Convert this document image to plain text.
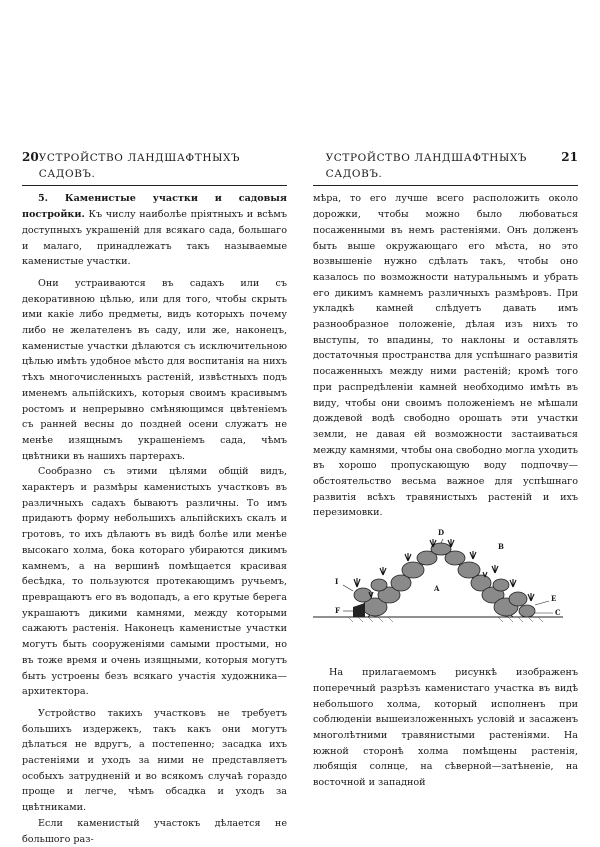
20 УСТРОЙСТВО ЛАНДШАФТНЫХЪ САДОВЪ.

5. Каменистые участки и садовыя постройки. Къ числу наиболѣе пріятныхъ и всѣмъ доступныхъ украшеній для всякаго сада, большаго и малаго, принадлежатъ такъ называемые каменистые участки.

Они устраиваются въ садахъ или съ декоративною цѣлью, или для того, чтобы скрыть ими какіе либо предметы, видъ которыхъ почему либо не желателенъ въ саду, или же, наконецъ, каменистые участки дѣлаются съ исключительною цѣлью имѣть удобное мѣсто для воспитанія на нихъ тѣхъ многочисленныхъ растеній, извѣстныхъ подъ именемъ альпійскихъ, которыя своимъ красивымъ ростомъ и непрерывно смѣняющимся цвѣтеніемъ съ ранней весны до поздней осени служатъ не менѣе изящнымъ украшеніемъ сада, чѣмъ цвѣтники въ нашихъ партерахъ.

Сообразно съ этими цѣлями общій видъ, характеръ и размѣры каменистыхъ участковъ въ различныхъ садахъ бываютъ различны. То имъ придаютъ форму небольшихъ альпійскихъ скалъ и гротовъ, то ихъ дѣлаютъ въ видѣ болѣе или менѣе высокаго холма, бока котораго убираются дикимъ камнемъ, а на вершинѣ помѣщается красивая бесѣдка, то пользуются протекающимъ ручьемъ, превращаютъ его въ водопадъ, а его крутые берега украшаютъ дикими камнями, между которыми сажаютъ растенія. Наконецъ каменистые участки могутъ быть сооруженіями самыми простыми, но въ тоже время и очень изящными, которыя могутъ быть устроены безъ всякаго участія художника—архитектора.

Устройство такихъ участковъ не требуетъ большихъ издержекъ, такъ какъ они могутъ дѣлаться не вдругъ, а постепенно; засадка ихъ растеніями и уходъ за ними не представляетъ особыхъ затрудненій и во всякомъ случаѣ гораздо проще и легче, чѣмъ обсадка и уходъ за цвѣтниками.

Если каменистый участокъ дѣлается не большого раз-

УСТРОЙСТВО ЛАНДШАФТНЫХЪ САДОВЪ.
21

мѣра, то его лучше всего расположить около дорожки, чтобы можно было любоваться посаженными въ немъ растеніями. Онъ долженъ быть выше окружающаго его мѣста, но это возвышеніе нужно сдѣлать такъ, чтобы оно казалось по возможности натуральнымъ и убрать его дикимъ камнемъ различныхъ размѣровъ. При укладкѣ камней слѣдуетъ давать имъ разнообразное положеніе, дѣлая изъ нихъ то выступы, то впадины, то наклоны и оставлять достаточныя пространства для успѣшнаго развитія посаженныхъ между ними растеній; кромѣ того при распредѣленіи камней необходимо имѣть въ виду, чтобы они своимъ положеніемъ не мѣшали дождевой водѣ свободно орошать эти участки земли, не давая ей возможности застаиваться между камнями, чтобы она свободно могла уходить въ хорошо пропускающую воду подпочву—обстоятельство весьма важное для успѣшнаго развитія всѣхъ травянистыхъ растеній и ихъ перезимовки.

I
F
D
A
B
E
C

На прилагаемомъ рисункѣ изображенъ поперечный разрѣзъ каменистаго участка въ видѣ небольшого холма, который исполненъ при соблюденіи вышеизложенныхъ условій и засаженъ многолѣтними травянистыми растеніями. На южной сторонѣ холма помѣщены растенія, любящія солнце, на сѣверной—затѣненіе, на восточной и западной
